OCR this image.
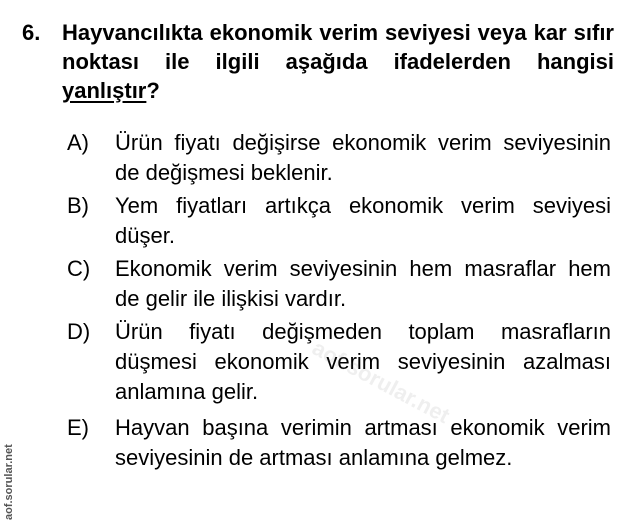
6. Hayvancılıkta ekonomik verim seviyesi veya kar sıfır noktası ile ilgili aşağıda ifadelerden hangisi yanlıştır?
A)	Ürün fiyatı değişirse ekonomik verim seviyesinin de değişmesi beklenir.
B)	Yem fiyatları artıkça ekonomik verim seviyesi düşer.
C)	Ekonomik verim seviyesinin hem masraflar hem de gelir ile ilişkisi vardır.
D)	Ürün fiyatı değişmeden toplam masrafların düşmesi ekonomik verim seviyesinin azalması anlamına gelir.
E)	Hayvan başına verimin artması ekonomik verim seviyesinin de artması anlamına gelmez.
aof.sorular.net
aof.sorular.net
